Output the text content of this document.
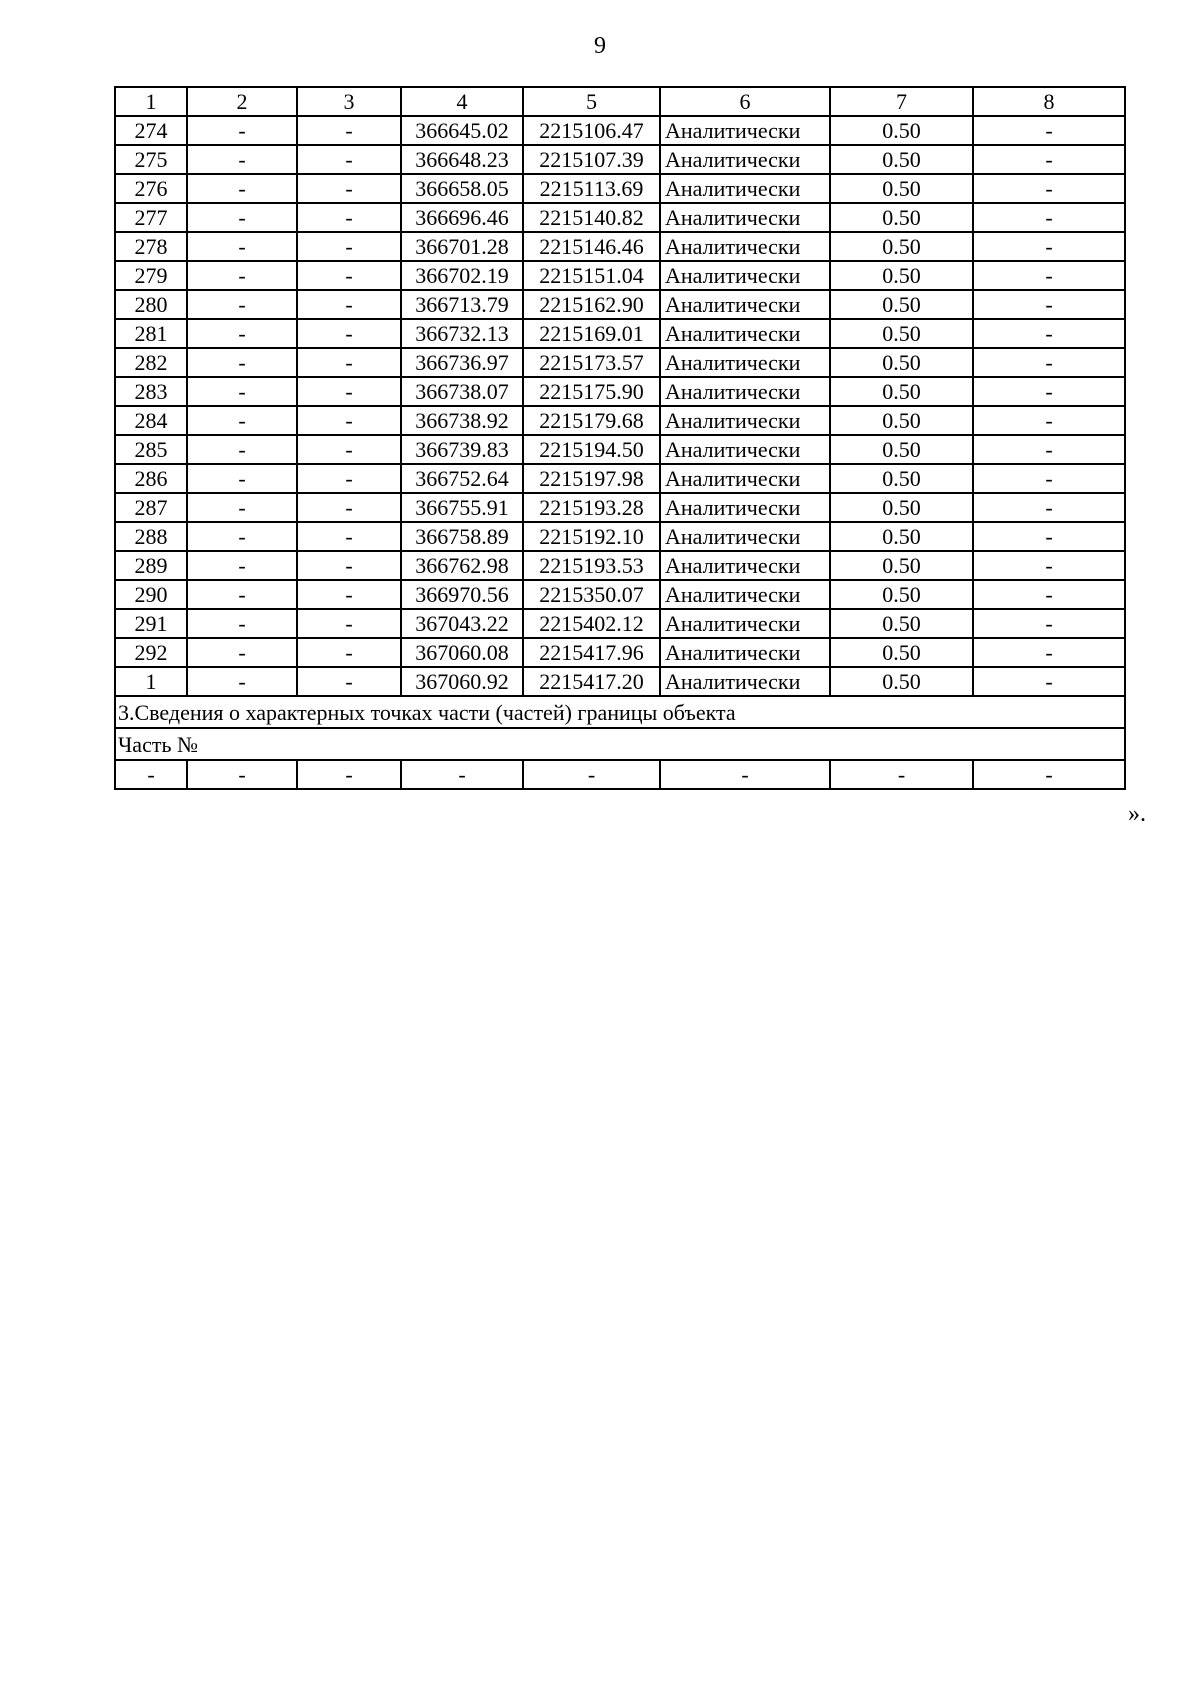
9
1	2	3	4	5	6	7	8
274	-	-	366645.02	2215106.47	Аналитически	0.50	-
275	-	-	366648.23	2215107.39	Аналитически	0.50	-
276	-	-	366658.05	2215113.69	Аналитически	0.50	-
277	-	-	366696.46	2215140.82	Аналитически	0.50	-
278	-	-	366701.28	2215146.46	Аналитически	0.50	-
279	-	-	366702.19	2215151.04	Аналитически	0.50	-
280	-	-	366713.79	2215162.90	Аналитически	0.50	-
281	-	-	366732.13	2215169.01	Аналитически	0.50	-
282	-	-	366736.97	2215173.57	Аналитически	0.50	-
283	-	-	366738.07	2215175.90	Аналитически	0.50	-
284	-	-	366738.92	2215179.68	Аналитически	0.50	-
285	-	-	366739.83	2215194.50	Аналитически	0.50	-
286	-	-	366752.64	2215197.98	Аналитически	0.50	-
287	-	-	366755.91	2215193.28	Аналитически	0.50	-
288	-	-	366758.89	2215192.10	Аналитически	0.50	-
289	-	-	366762.98	2215193.53	Аналитически	0.50	-
290	-	-	366970.56	2215350.07	Аналитически	0.50	-
291	-	-	367043.22	2215402.12	Аналитически	0.50	-
292	-	-	367060.08	2215417.96	Аналитически	0.50	-
1	-	-	367060.92	2215417.20	Аналитически	0.50	-
3.Сведения о характерных точках части (частей) границы объекта							
Часть №							
-	-	-	-	-	-	-	-
».
